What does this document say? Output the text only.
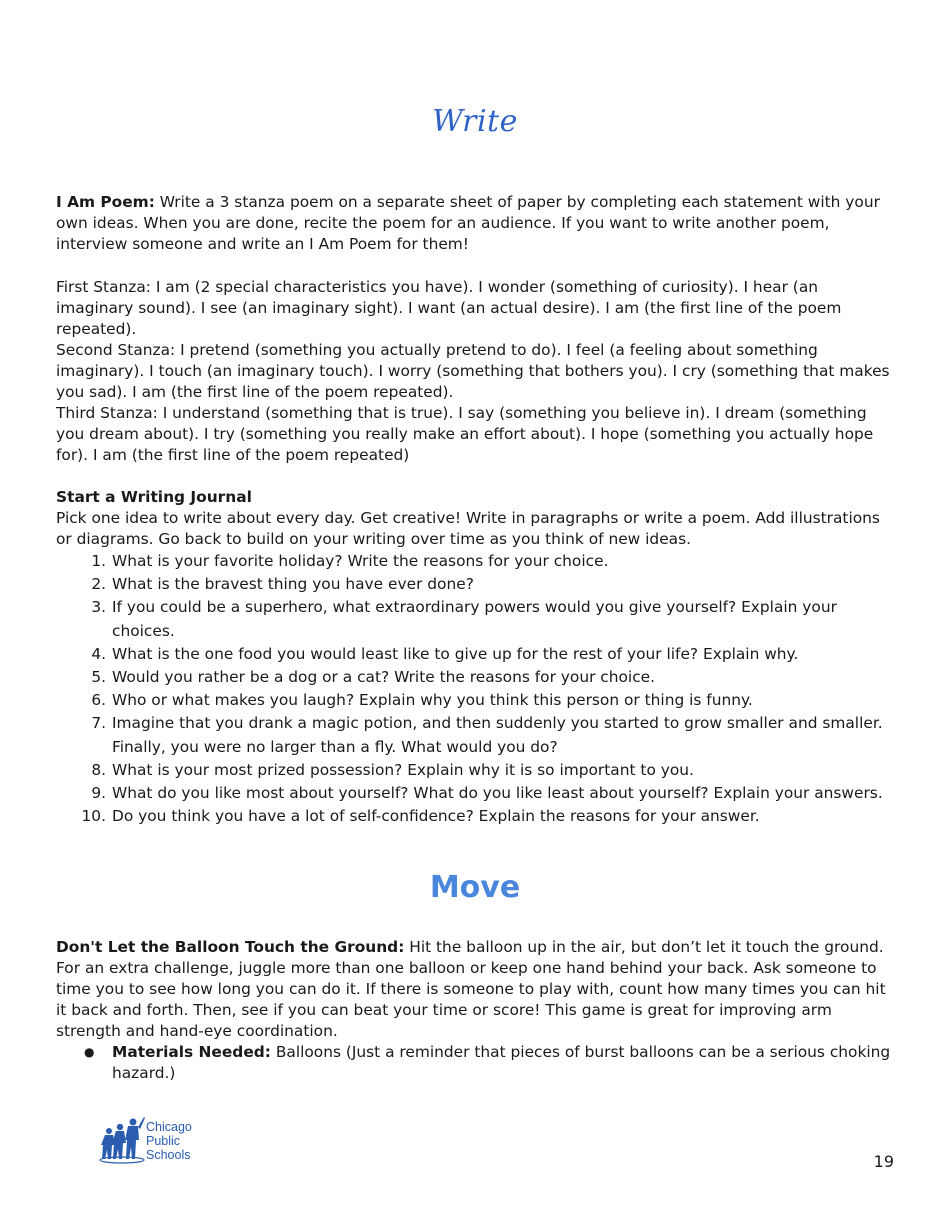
Write

I Am Poem: Write a 3 stanza poem on a separate sheet of paper by completing each statement with your own ideas. When you are done, recite the poem for an audience. If you want to write another poem, interview someone and write an I Am Poem for them!

First Stanza: I am (2 special characteristics you have). I wonder (something of curiosity). I hear (an imaginary sound). I see (an imaginary sight). I want (an actual desire). I am (the first line of the poem repeated).

Second Stanza: I pretend (something you actually pretend to do). I feel (a feeling about something imaginary). I touch (an imaginary touch). I worry (something that bothers you). I cry (something that makes you sad). I am (the first line of the poem repeated).

Third Stanza: I understand (something that is true). I say (something you believe in). I dream (something you dream about). I try (something you really make an effort about). I hope (something you actually hope for). I am (the first line of the poem repeated)

Start a Writing Journal

Pick one idea to write about every day. Get creative! Write in paragraphs or write a poem. Add illustrations or diagrams. Go back to build on your writing over time as you think of new ideas.

1. What is your favorite holiday? Write the reasons for your choice.
2. What is the bravest thing you have ever done?
3. If you could be a superhero, what extraordinary powers would you give yourself? Explain your choices.
4. What is the one food you would least like to give up for the rest of your life? Explain why.
5. Would you rather be a dog or a cat? Write the reasons for your choice.
6. Who or what makes you laugh? Explain why you think this person or thing is funny.
7. Imagine that you drank a magic potion, and then suddenly you started to grow smaller and smaller. Finally, you were no larger than a fly. What would you do?
8. What is your most prized possession? Explain why it is so important to you.
9. What do you like most about yourself? What do you like least about yourself? Explain your answers.
10. Do you think you have a lot of self-confidence? Explain the reasons for your answer.
Move

Don't Let the Balloon Touch the Ground: Hit the balloon up in the air, but don’t let it touch the ground. For an extra challenge, juggle more than one balloon or keep one hand behind your back. Ask someone to time you to see how long you can do it. If there is someone to play with, count how many times you can hit it back and forth. Then, see if you can beat your time or score! This game is great for improving arm strength and hand-eye coordination.

● Materials Needed: Balloons (Just a reminder that pieces of burst balloons can be a serious choking hazard.)
Chicago
Public
Schools	19
